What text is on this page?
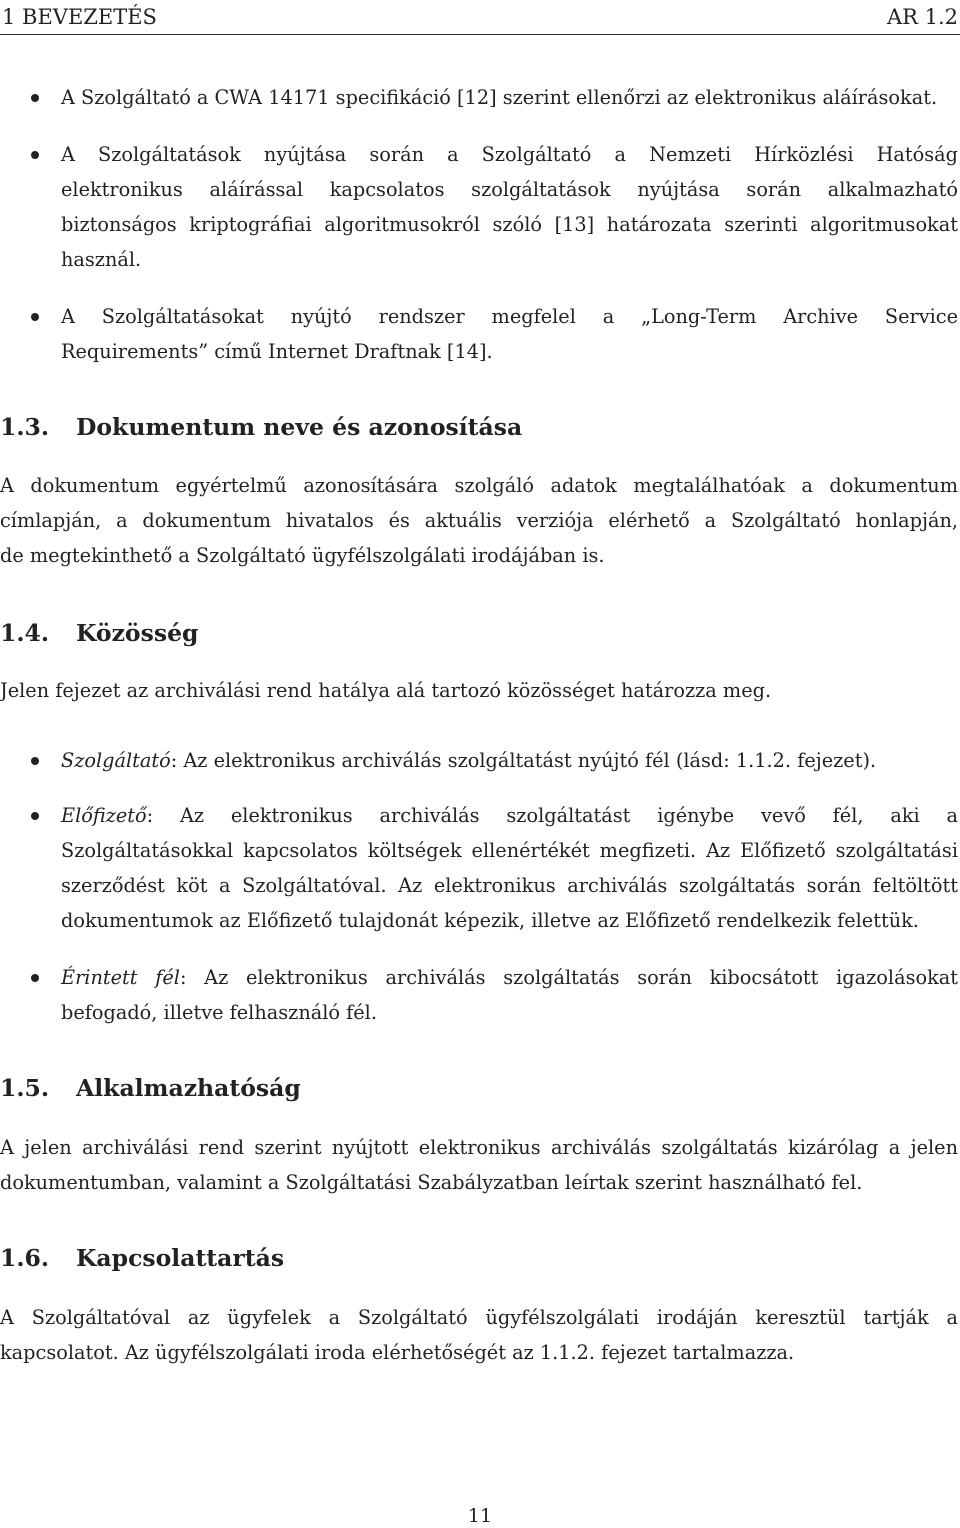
1 BEVEZETÉS	AR 1.2
A Szolgáltató a CWA 14171 specifikáció [12] szerint ellenőrzi az elektronikus aláírásokat.
A Szolgáltatások nyújtása során a Szolgáltató a Nemzeti Hírközlési Hatóság
elektronikus aláírással kapcsolatos szolgáltatások nyújtása során alkalmazható
biztonságos kriptográfiai algoritmusokról szóló [13] határozata szerinti algoritmusokat
használ.
A Szolgáltatásokat nyújtó rendszer megfelel a „Long-Term Archive Service
Requirements” című Internet Draftnak [14].
1.3. Dokumentum neve és azonosítása
A dokumentum egyértelmű azonosítására szolgáló adatok megtalálhatóak a dokumentum
címlapján, a dokumentum hivatalos és aktuális verziója elérhető a Szolgáltató honlapján,
de megtekinthető a Szolgáltató ügyfélszolgálati irodájában is.
1.4. Közösség
Jelen fejezet az archiválási rend hatálya alá tartozó közösséget határozza meg.
Szolgáltató: Az elektronikus archiválás szolgáltatást nyújtó fél (lásd: 1.1.2. fejezet).
Előfizető: Az elektronikus archiválás szolgáltatást igénybe vevő fél, aki a
Szolgáltatásokkal kapcsolatos költségek ellenértékét megfizeti. Az Előfizető szolgáltatási
szerződést köt a Szolgáltatóval. Az elektronikus archiválás szolgáltatás során feltöltött
dokumentumok az Előfizető tulajdonát képezik, illetve az Előfizető rendelkezik felettük.
Érintett fél: Az elektronikus archiválás szolgáltatás során kibocsátott igazolásokat
befogadó, illetve felhasználó fél.
1.5. Alkalmazhatóság
A jelen archiválási rend szerint nyújtott elektronikus archiválás szolgáltatás kizárólag a jelen
dokumentumban, valamint a Szolgáltatási Szabályzatban leírtak szerint használható fel.
1.6. Kapcsolattartás
A Szolgáltatóval az ügyfelek a Szolgáltató ügyfélszolgálati irodáján keresztül tartják a
kapcsolatot. Az ügyfélszolgálati iroda elérhetőségét az 1.1.2. fejezet tartalmazza.
11
